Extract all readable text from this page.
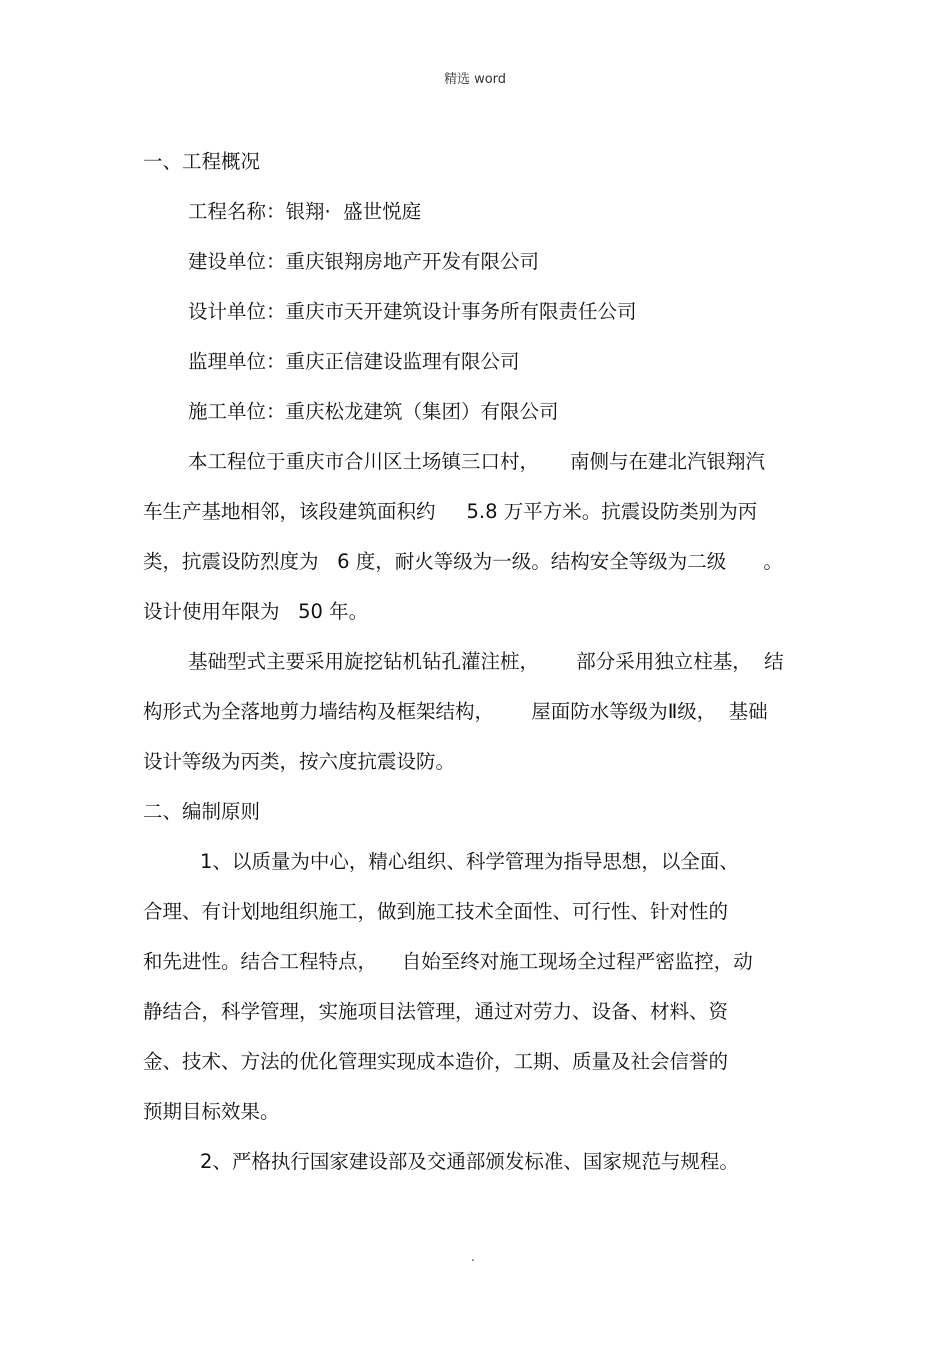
精选 word
一、工程概况
工程名称：银翔·  盛世悦庭
建设单位：重庆银翔房地产开发有限公司
设计单位：重庆市天开建筑设计事务所有限责任公司
监理单位：重庆正信建设监理有限公司
施工单位：重庆松龙建筑（集团）有限公司
本工程位于重庆市合川区土场镇三口村，     南侧与在建北汽银翔汽
车生产基地相邻，该段建筑面积约     5.8 万平方米。抗震设防类别为丙
类，抗震设防烈度为   6 度，耐火等级为一级。结构安全等级为二级      。
设计使用年限为   50 年。
基础型式主要采用旋挖钻机钻孔灌注桩，      部分采用独立柱基，  结
构形式为全落地剪力墙结构及框架结构，      屋面防水等级为Ⅱ级，  基础
设计等级为丙类，按六度抗震设防。
二、编制原则
1、以质量为中心，精心组织、科学管理为指导思想，以全面、
合理、有计划地组织施工，做到施工技术全面性、可行性、针对性的
和先进性。结合工程特点，    自始至终对施工现场全过程严密监控，动
静结合，科学管理，实施项目法管理，通过对劳力、设备、材料、资
金、技术、方法的优化管理实现成本造价，工期、质量及社会信誉的
预期目标效果。
2、严格执行国家建设部及交通部颁发标准、国家规范与规程。
.
